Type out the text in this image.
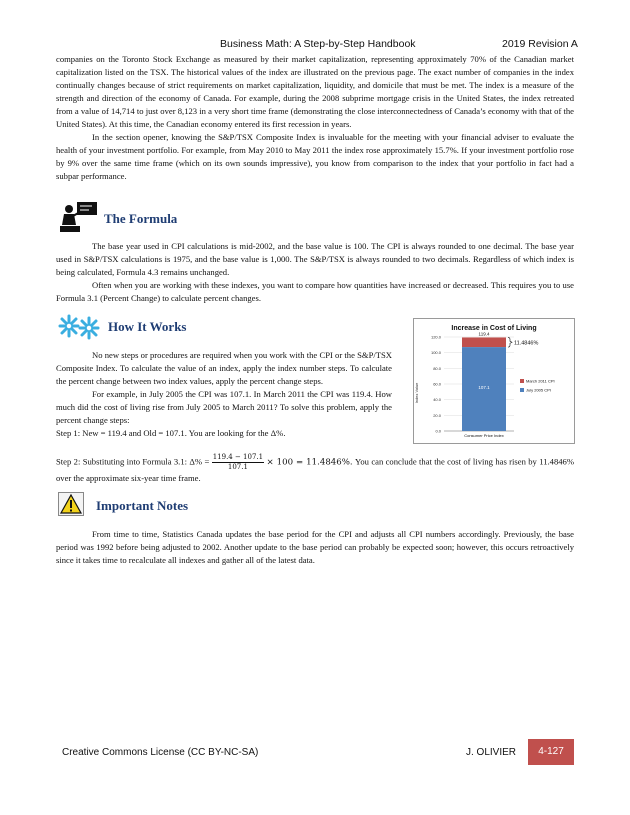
Business Math: A Step-by-Step Handbook	2019 Revision A

companies on the Toronto Stock Exchange as measured by their market capitalization, representing approximately 70% of the Canadian market capitalization listed on the TSX. The historical values of the index are illustrated on the previous page. The exact number of companies in the index continually changes because of strict requirements on market capitalization, liquidity, and domicile that must be met. The index is a measure of the strength and direction of the economy of Canada. For example, during the 2008 subprime mortgage crisis in the United States, the index retreated from a value of 14,714 to just over 8,123 in a very short time frame (demonstrating the close interconnectedness of Canada’s economy with that of the United States). At this time, the Canadian economy entered its first recession in years.

In the section opener, knowing the S&P/TSX Composite Index is invaluable for the meeting with your financial adviser to evaluate the health of your investment portfolio. For example, from May 2010 to May 2011 the index rose approximately 15.7%. If your investment portfolio rose by 9% over the same time frame (which on its own sounds impressive), you know from comparison to the index that your portfolio in fact had a subpar performance.

The Formula

The base year used in CPI calculations is mid-2002, and the base value is 100. The CPI is always rounded to one decimal. The base year used in S&P/TSX calculations is 1975, and the base value is 1,000. The S&P/TSX is always rounded to two decimals. Regardless of which index is being calculated, Formula 4.3 remains unchanged.

Often when you are working with these indexes, you want to compare how quantities have increased or decreased. This requires you to use Formula 3.1 (Percent Change) to calculate percent changes.

How It Works

No new steps or procedures are required when you work with the CPI or the S&P/TSX Composite Index. To calculate the value of an index, apply the index number steps. To calculate the percent change between two index values, apply the percent change steps.

For example, in July 2005 the CPI was 107.1. In March 2011 the CPI was 119.4. How much did the cost of living rise from July 2005 to March 2011? To solve this problem, apply the percent change steps:

Step 1: New = 119.4 and Old = 107.1. You are looking for the Δ%.

Step 2: Substituting into Formula 3.1: $\Delta\% = \frac{119.4 - 107.1}{107.1} \times 100 = 11.4846\%$. You can conclude that the cost of living has risen by 11.4846% over the approximate six-year time frame.

Increase in Cost of Living
Index Value
0.0
20.0
40.0
60.0
80.0
100.0
120.0
119.4
107.1
11.4846%
Consumer Price Index
March 2011 CPI
July 2005 CPI
Important Notes

From time to time, Statistics Canada updates the base period for the CPI and adjusts all CPI numbers accordingly. Previously, the base period was 1992 before being adjusted to 2002. Another update to the base period can probably be expected soon; however, this occurs retroactively since it takes time to recalculate all indexes and gather all of the latest data.

Creative Commons License (CC BY-NC-SA)	J. OLIVIER	4-127
